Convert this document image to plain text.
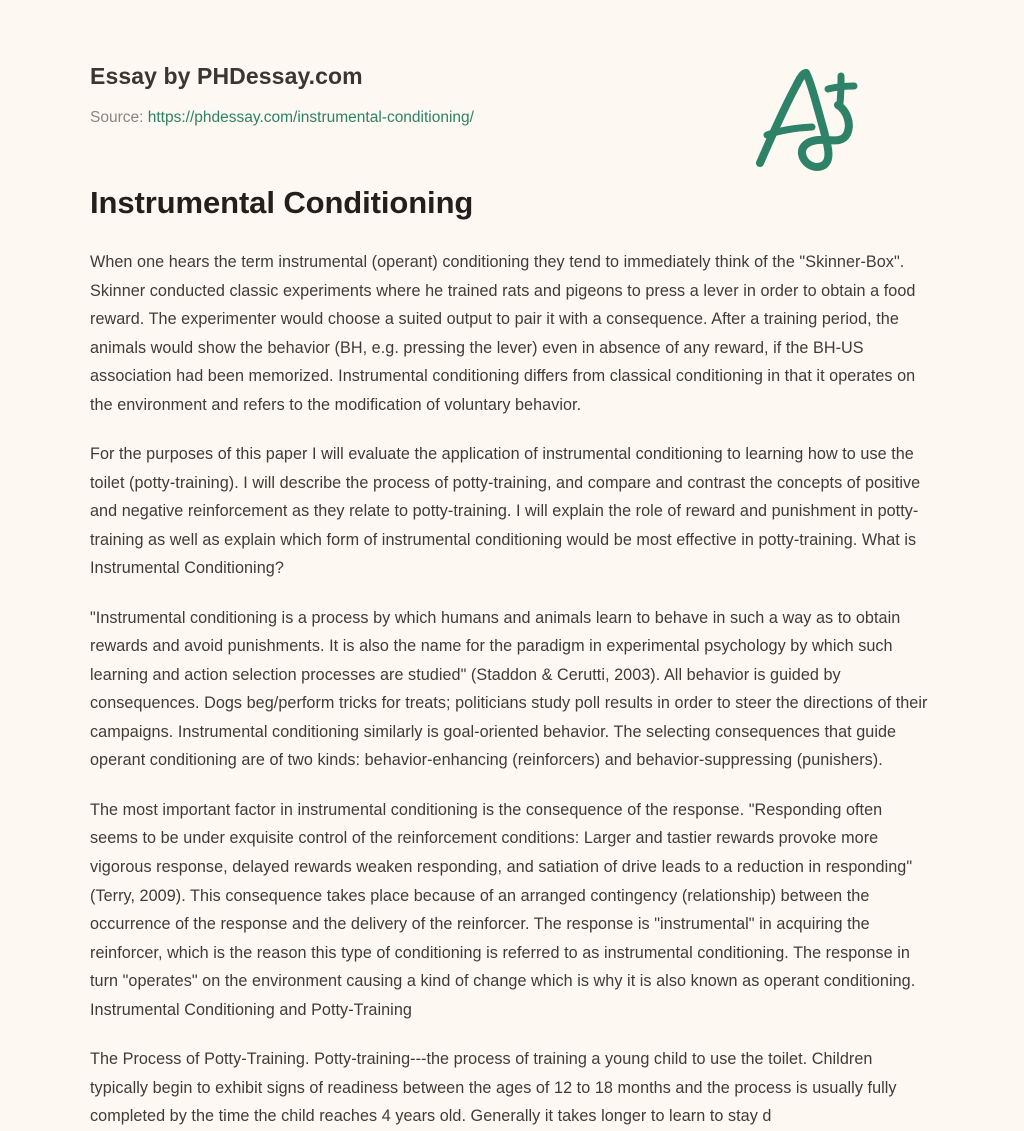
Essay by PHDessay.com
Source: https://phdessay.com/instrumental-conditioning/
Instrumental Conditioning

When one hears the term instrumental (operant) conditioning they tend to immediately think of the "Skinner-Box". Skinner conducted classic experiments where he trained rats and pigeons to press a lever in order to obtain a food reward. The experimenter would choose a suited output to pair it with a consequence. After a training period, the animals would show the behavior (BH, e.g. pressing the lever) even in absence of any reward, if the BH-US association had been memorized. Instrumental conditioning differs from classical conditioning in that it operates on the environment and refers to the modification of voluntary behavior.

For the purposes of this paper I will evaluate the application of instrumental conditioning to learning how to use the toilet (potty-training). I will describe the process of potty-training, and compare and contrast the concepts of positive and negative reinforcement as they relate to potty-training. I will explain the role of reward and punishment in potty-training as well as explain which form of instrumental conditioning would be most effective in potty-training. What is Instrumental Conditioning?

"Instrumental conditioning is a process by which humans and animals learn to behave in such a way as to obtain rewards and avoid punishments. It is also the name for the paradigm in experimental psychology by which such learning and action selection processes are studied" (Staddon & Cerutti, 2003). All behavior is guided by consequences. Dogs beg/perform tricks for treats; politicians study poll results in order to steer the directions of their campaigns. Instrumental conditioning similarly is goal-oriented behavior. The selecting consequences that guide operant conditioning are of two kinds: behavior-enhancing (reinforcers) and behavior-suppressing (punishers).

The most important factor in instrumental conditioning is the consequence of the response. "Responding often seems to be under exquisite control of the reinforcement conditions: Larger and tastier rewards provoke more vigorous response, delayed rewards weaken responding, and satiation of drive leads to a reduction in responding" (Terry, 2009). This consequence takes place because of an arranged contingency (relationship) between the occurrence of the response and the delivery of the reinforcer. The response is "instrumental" in acquiring the reinforcer, which is the reason this type of conditioning is referred to as instrumental conditioning. The response in turn "operates" on the environment causing a kind of change which is why it is also known as operant conditioning. Instrumental Conditioning and Potty-Training

The Process of Potty-Training. Potty-training---the process of training a young child to use the toilet. Children typically begin to exhibit signs of readiness between the ages of 12 to 18 months and the process is usually fully completed by the time the child reaches 4 years old. Generally it takes longer to learn to stay d
